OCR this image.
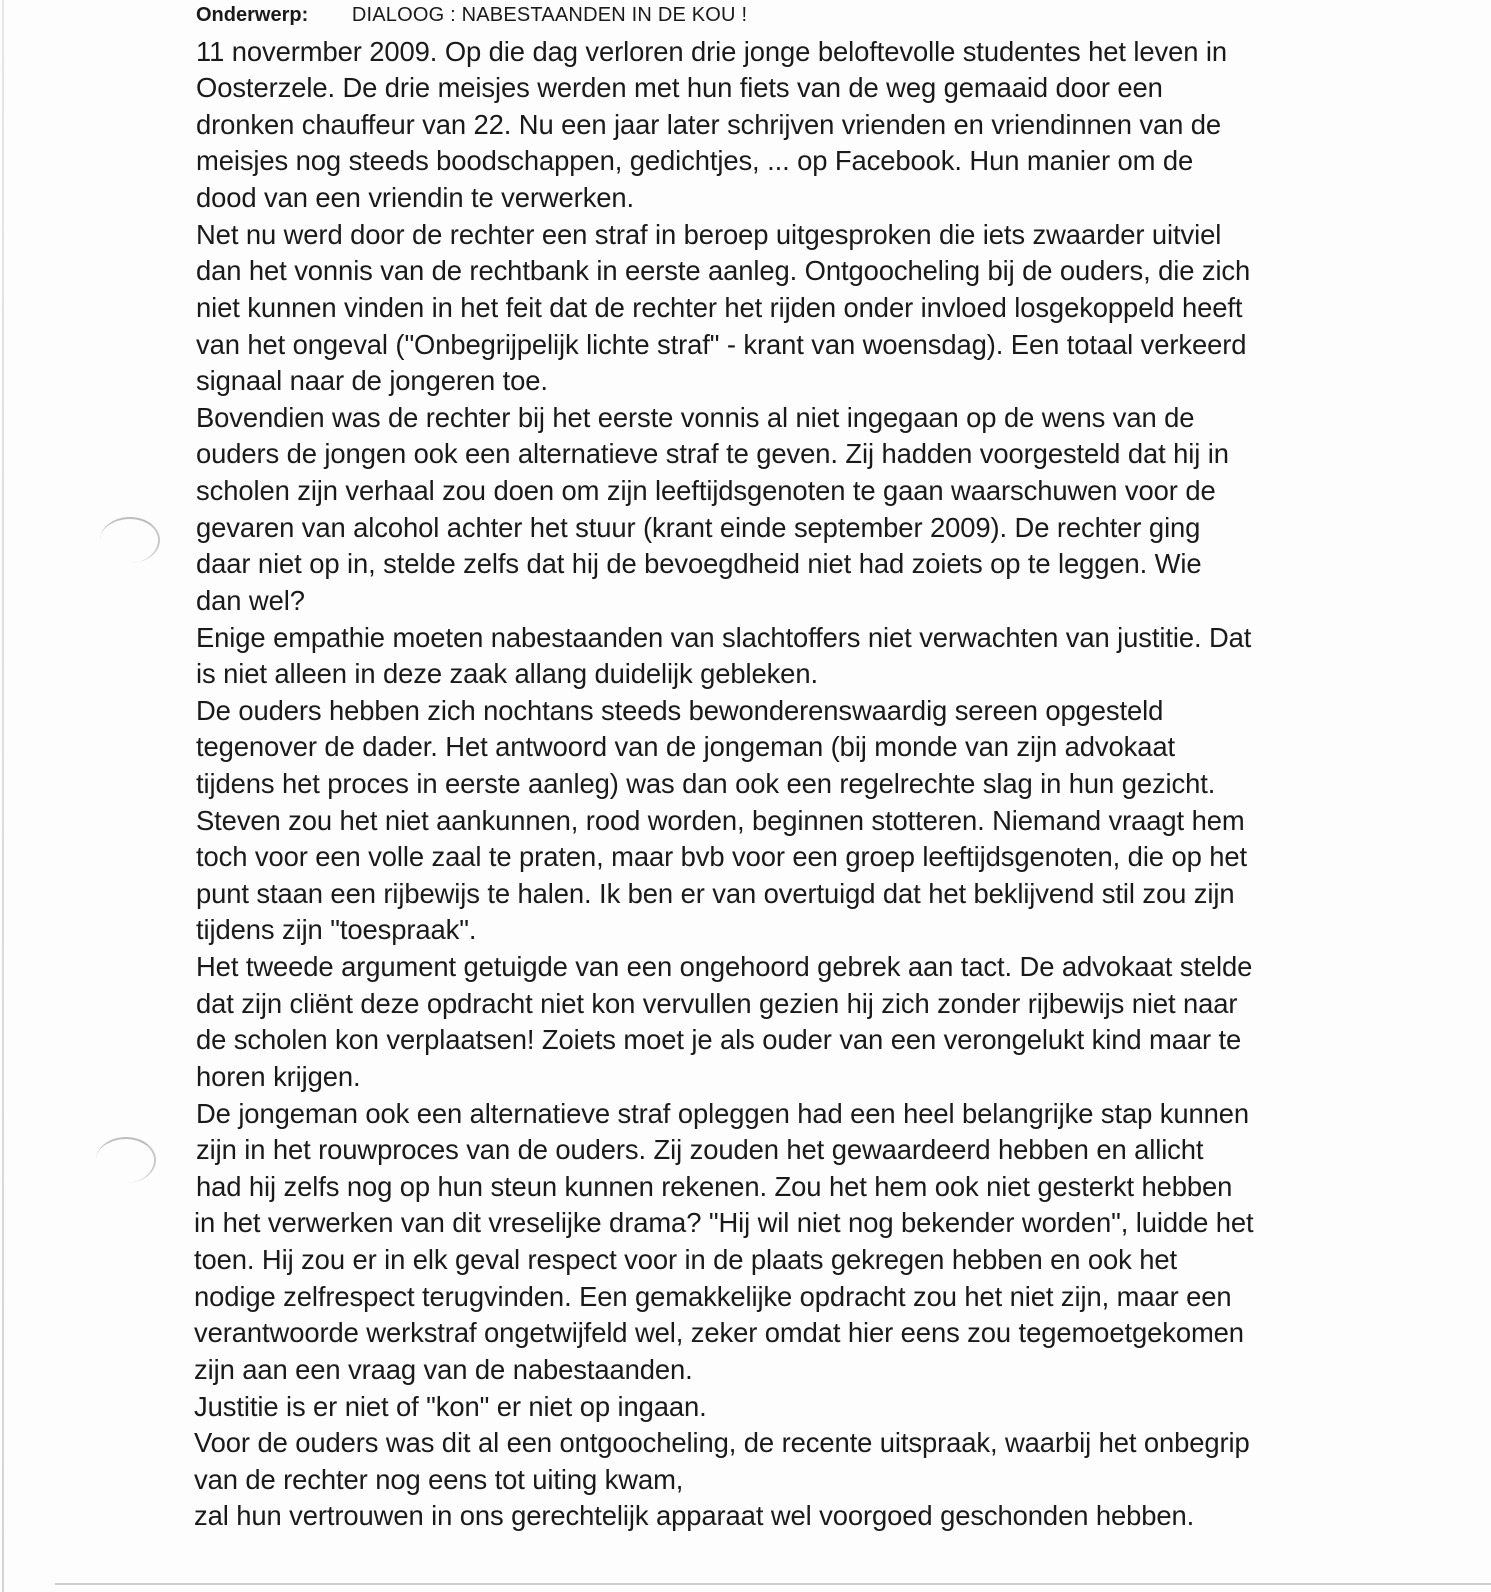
Onderwerp: DIALOOG : NABESTAANDEN IN DE KOU !
11 novermber 2009. Op die dag verloren drie jonge beloftevolle studentes het leven in
Oosterzele. De drie meisjes werden met hun fiets van de weg gemaaid door een
dronken chauffeur van 22. Nu een jaar later schrijven vrienden en vriendinnen van de
meisjes nog steeds boodschappen, gedichtjes, ... op Facebook. Hun manier om de
dood van een vriendin te verwerken.
Net nu werd door de rechter een straf in beroep uitgesproken die iets zwaarder uitviel
dan het vonnis van de rechtbank in eerste aanleg. Ontgoocheling bij de ouders, die zich
niet kunnen vinden in het feit dat de rechter het rijden onder invloed losgekoppeld heeft
van het ongeval ("Onbegrijpelijk lichte straf" - krant van woensdag). Een totaal verkeerd
signaal naar de jongeren toe.
Bovendien was de rechter bij het eerste vonnis al niet ingegaan op de wens van de
ouders de jongen ook een alternatieve straf te geven. Zij hadden voorgesteld dat hij in
scholen zijn verhaal zou doen om zijn leeftijdsgenoten te gaan waarschuwen voor de
gevaren van alcohol achter het stuur (krant einde september 2009). De rechter ging
daar niet op in, stelde zelfs dat hij de bevoegdheid niet had zoiets op te leggen. Wie
dan wel?
Enige empathie moeten nabestaanden van slachtoffers niet verwachten van justitie. Dat
is niet alleen in deze zaak allang duidelijk gebleken.
De ouders hebben zich nochtans steeds bewonderenswaardig sereen opgesteld
tegenover de dader. Het antwoord van de jongeman (bij monde van zijn advokaat
tijdens het proces in eerste aanleg) was dan ook een regelrechte slag in hun gezicht.
Steven zou het niet aankunnen, rood worden, beginnen stotteren. Niemand vraagt hem
toch voor een volle zaal te praten, maar bvb voor een groep leeftijdsgenoten, die op het
punt staan een rijbewijs te halen. Ik ben er van overtuigd dat het beklijvend stil zou zijn
tijdens zijn "toespraak".
Het tweede argument getuigde van een ongehoord gebrek aan tact. De advokaat stelde
dat zijn cliënt deze opdracht niet kon vervullen gezien hij zich zonder rijbewijs niet naar
de scholen kon verplaatsen! Zoiets moet je als ouder van een verongelukt kind maar te
horen krijgen.
De jongeman ook een alternatieve straf opleggen had een heel belangrijke stap kunnen
zijn in het rouwproces van de ouders. Zij zouden het gewaardeerd hebben en allicht
had hij zelfs nog op hun steun kunnen rekenen. Zou het hem ook niet gesterkt hebben
in het verwerken van dit vreselijke drama? "Hij wil niet nog bekender worden", luidde het
toen. Hij zou er in elk geval respect voor in de plaats gekregen hebben en ook het
nodige zelfrespect terugvinden. Een gemakkelijke opdracht zou het niet zijn, maar een
verantwoorde werkstraf ongetwijfeld wel, zeker omdat hier eens zou tegemoetgekomen
zijn aan een vraag van de nabestaanden.
Justitie is er niet of "kon" er niet op ingaan.
Voor de ouders was dit al een ontgoocheling, de recente uitspraak, waarbij het onbegrip
van de rechter nog eens tot uiting kwam,
zal hun vertrouwen in ons gerechtelijk apparaat wel voorgoed geschonden hebben.
